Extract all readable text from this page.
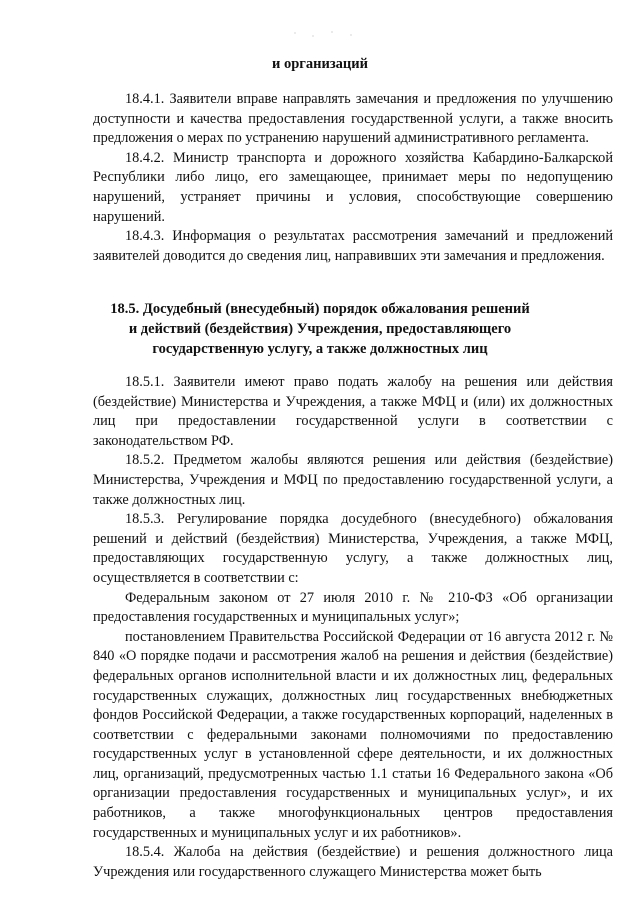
и организаций

18.4.1. Заявители вправе направлять замечания и предложения по улучшению доступности и качества предоставления государственной услуги, а также вносить предложения о мерах по устранению нарушений административного регламента.

18.4.2. Министр транспорта и дорожного хозяйства Кабардино-Балкарской Республики либо лицо, его замещающее, принимает меры по недопущению нарушений, устраняет причины и условия, способствующие совершению нарушений.

18.4.3. Информация о результатах рассмотрения замечаний и предложений заявителей доводится до сведения лиц, направивших эти замечания и предложения.

18.5. Досудебный (внесудебный) порядок обжалования решений
и действий (бездействия) Учреждения, предоставляющего
государственную услугу, а также должностных лиц

18.5.1. Заявители имеют право подать жалобу на решения или действия (бездействие) Министерства и Учреждения, а также МФЦ и (или) их должностных лиц при предоставлении государственной услуги в соответствии с законодательством РФ.

18.5.2. Предметом жалобы являются решения или действия (бездействие) Министерства, Учреждения и МФЦ по предоставлению государственной услуги, а также должностных лиц.

18.5.3. Регулирование порядка досудебного (внесудебного) обжалования решений и действий (бездействия) Министерства, Учреждения, а также МФЦ, предоставляющих государственную услугу, а также должностных лиц, осуществляется в соответствии с:

Федеральным законом от 27 июля 2010 г. № 210-ФЗ «Об организации предоставления государственных и муниципальных услуг»;

постановлением Правительства Российской Федерации от 16 августа 2012 г. № 840 «О порядке подачи и рассмотрения жалоб на решения и действия (бездействие) федеральных органов исполнительной власти и их должностных лиц, федеральных государственных служащих, должностных лиц государственных внебюджетных фондов Российской Федерации, а также государственных корпораций, наделенных в соответствии с федеральными законами полномочиями по предоставлению государственных услуг в установленной сфере деятельности, и их должностных лиц, организаций, предусмотренных частью 1.1 статьи 16 Федерального закона «Об организации предоставления государственных и муниципальных услуг», и их работников, а также многофункциональных центров предоставления государственных и муниципальных услуг и их работников».

18.5.4. Жалоба на действия (бездействие) и решения должностного лица Учреждения или государственного служащего Министерства может быть
